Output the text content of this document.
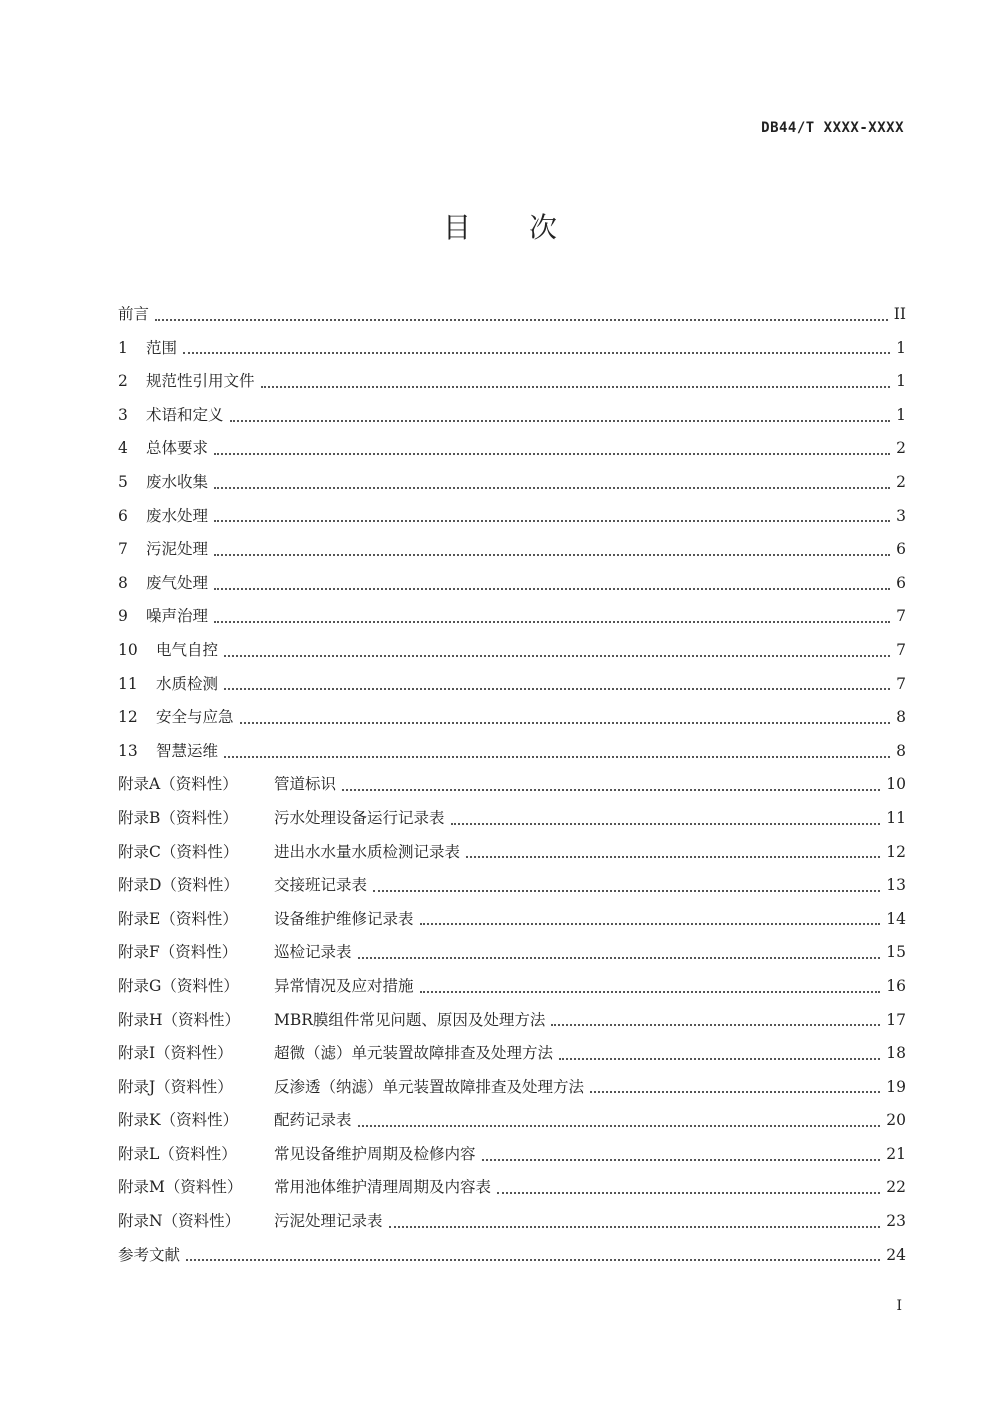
DB44/T XXXX-XXXX
目次
前言	II
1	范围	1
2	规范性引用文件	1
3	术语和定义	1
4	总体要求	2
5	废水收集	2
6	废水处理	3
7	污泥处理	6
8	废气处理	6
9	噪声治理	7
10	电气自控	7
11	水质检测	7
12	安全与应急	8
13	智慧运维	8
附录A（资料性）	管道标识	10
附录B（资料性）	污水处理设备运行记录表	11
附录C（资料性）	进出水水量水质检测记录表	12
附录D（资料性）	交接班记录表	13
附录E（资料性）	设备维护维修记录表	14
附录F（资料性）	巡检记录表	15
附录G（资料性）	异常情况及应对措施	16
附录H（资料性）	MBR膜组件常见问题、原因及处理方法	17
附录I（资料性）	超微（滤）单元装置故障排查及处理方法	18
附录J（资料性）	反渗透（纳滤）单元装置故障排查及处理方法	19
附录K（资料性）	配药记录表	20
附录L（资料性）	常见设备维护周期及检修内容	21
附录M（资料性）	常用池体维护清理周期及内容表	22
附录N（资料性）	污泥处理记录表	23
参考文献	24
I
